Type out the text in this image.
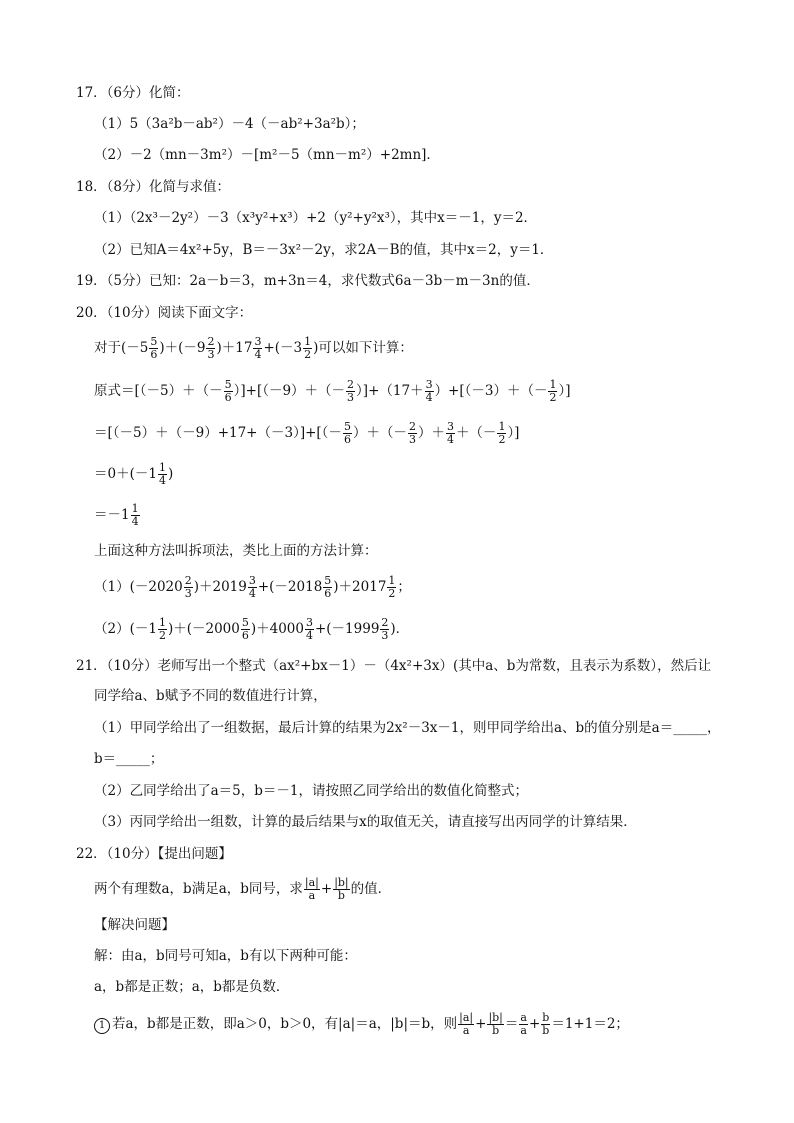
17．（6分）化简：
（1）5（3a²b－ab²）－4（－ab²+3a²b）；
（2）－2（mn－3m²）－[m²－5（mn－m²）+2mn]．
18．（8分）化简与求值：
（1）（2x³－2y²）－3（x³y²+x³）+2（y²+y²x³），其中x＝－1，y＝2．
（2）已知A＝4x²+5y，B＝－3x²－2y，求2A－B的值，其中x＝2，y＝1．
19．（5分）已知：2a－b＝3，m+3n＝4，求代数式6a－3b－m－3n的值．
20．（10分）阅读下面文字：
对于$(-5 \frac{5}{6} )+(-9 \frac{2}{3} )+17 \frac{3}{4} +(-3 \frac{1}{2}$ )可以如下计算：
原式$=[(-5)+(- \frac{5}{6} )]+[(-9)+(- \frac{2}{3} )]+(17+ \frac{3}{4} )+[(-3)+(- \frac{1}{2}$ ）]
$=[(-5)+(-9)+17+(-3)]+[(- \frac{5}{6}$ ）＋（－ $\frac{2}{3}$ ）＋ $\frac{3}{4}$ ＋（－ $\frac{1}{2}$ ）]
$=0+(-1 \frac{1}{4}$ )
$=-1 \frac{1}{4}$
上面这种方法叫拆项法，类比上面的方法计算：
$(1)(-2020 \frac{2}{3} )+2019 \frac{3}{4} +(-2018 \frac{5}{6} )+2017 \frac{1}{2}$ ；
$(2)(-1 \frac{1}{2} )+(-2000 \frac{5}{6} )+4000 \frac{3}{4} +(-1999 \frac{2}{3}$ )．
21．（10分）老师写出一个整式（ax²+bx－1）－（4x²+3x）(其中a、b为常数，且表示为系数），然后让
同学给a、b赋予不同的数值进行计算，
（1）甲同学给出了一组数据，最后计算的结果为2x²－3x－1，则甲同学给出a、b的值分别是a＝_____，
b＝_____；
（2）乙同学给出了a＝5，b＝－1，请按照乙同学给出的数值化简整式；
（3）丙同学给出一组数，计算的最后结果与x的取值无关，请直接写出丙同学的计算结果．
22．（10分）【提出问题】
两个有理数a，b满足a，b同号，求 $\frac{|a|}{a} + \frac{|b|}{b}$ 的值．
【解决问题】
解：由a，b同号可知a，b有以下两种可能：
a，b都是正数；a，b都是负数．
1 若a，b都是正数，即a＞0，b＞0，有|a|＝a，|b|＝b，则 $\frac{|a|}{a} + \frac{|b|}{b} = \frac{a}{a} + \frac{b}{b} =1+1=2$；
